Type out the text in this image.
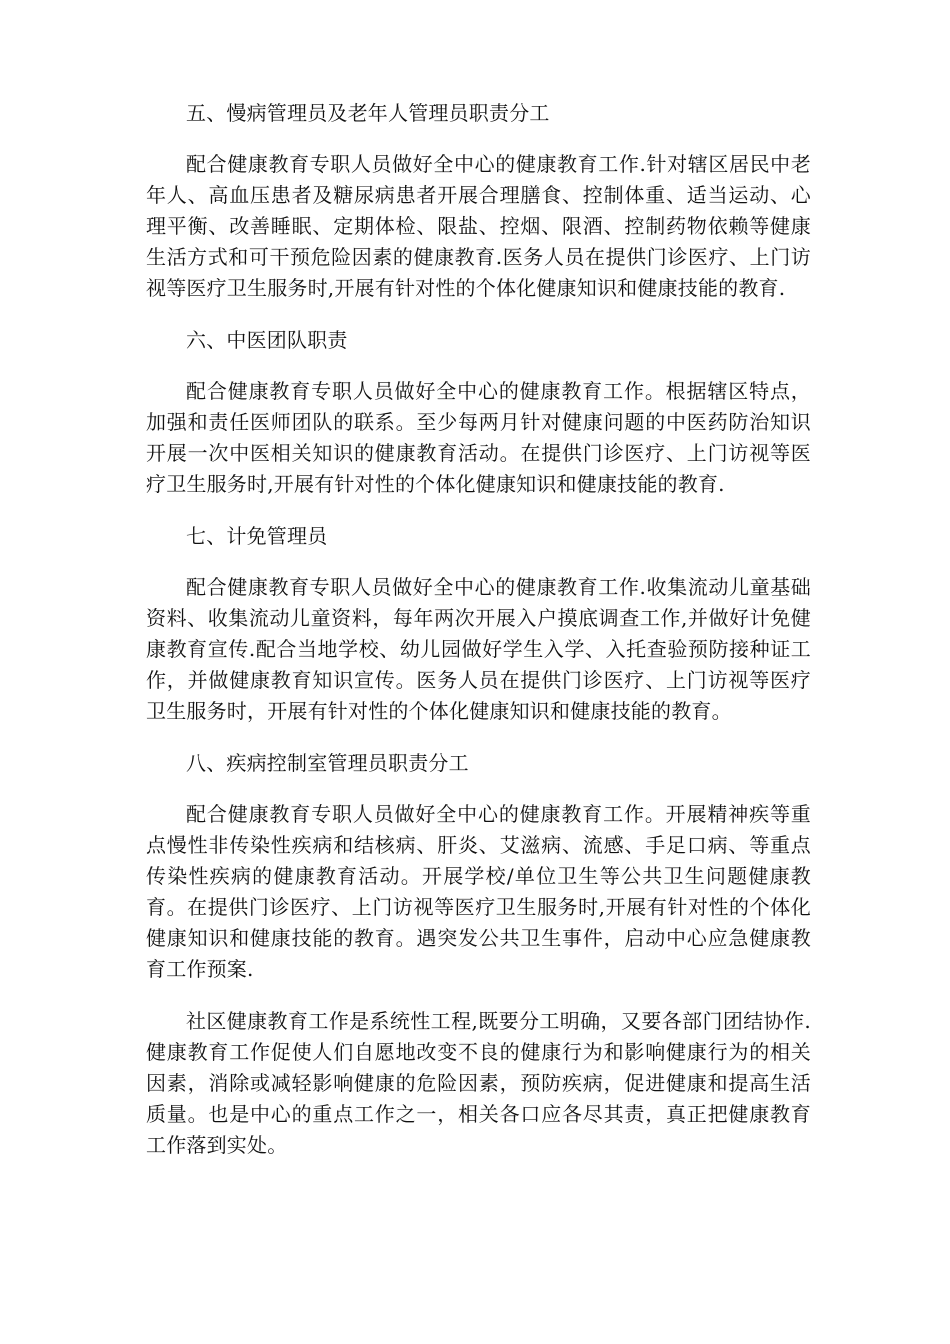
五、慢病管理员及老年人管理员职责分工

配合健康教育专职人员做好全中心的健康教育工作.针对辖区居民中老年人、高血压患者及糖尿病患者开展合理膳食、控制体重、适当运动、心理平衡、改善睡眠、定期体检、限盐、控烟、限酒、控制药物依赖等健康生活方式和可干预危险因素的健康教育.医务人员在提供门诊医疗、上门访视等医疗卫生服务时,开展有针对性的个体化健康知识和健康技能的教育.

六、中医团队职责

配合健康教育专职人员做好全中心的健康教育工作。根据辖区特点，加强和责任医师团队的联系。至少每两月针对健康问题的中医药防治知识开展一次中医相关知识的健康教育活动。在提供门诊医疗、上门访视等医疗卫生服务时,开展有针对性的个体化健康知识和健康技能的教育.

七、计免管理员

配合健康教育专职人员做好全中心的健康教育工作.收集流动儿童基础资料、收集流动儿童资料，每年两次开展入户摸底调查工作,并做好计免健康教育宣传.配合当地学校、幼儿园做好学生入学、入托查验预防接种证工作，并做健康教育知识宣传。医务人员在提供门诊医疗、上门访视等医疗卫生服务时，开展有针对性的个体化健康知识和健康技能的教育。

八、疾病控制室管理员职责分工

配合健康教育专职人员做好全中心的健康教育工作。开展精神疾等重点慢性非传染性疾病和结核病、肝炎、艾滋病、流感、手足口病、等重点传染性疾病的健康教育活动。开展学校/单位卫生等公共卫生问题健康教育。在提供门诊医疗、上门访视等医疗卫生服务时,开展有针对性的个体化健康知识和健康技能的教育。遇突发公共卫生事件，启动中心应急健康教育工作预案.

社区健康教育工作是系统性工程,既要分工明确，又要各部门团结协作.健康教育工作促使人们自愿地改变不良的健康行为和影响健康行为的相关因素，消除或减轻影响健康的危险因素，预防疾病，促进健康和提高生活质量。也是中心的重点工作之一，相关各口应各尽其责，真正把健康教育工作落到实处。
